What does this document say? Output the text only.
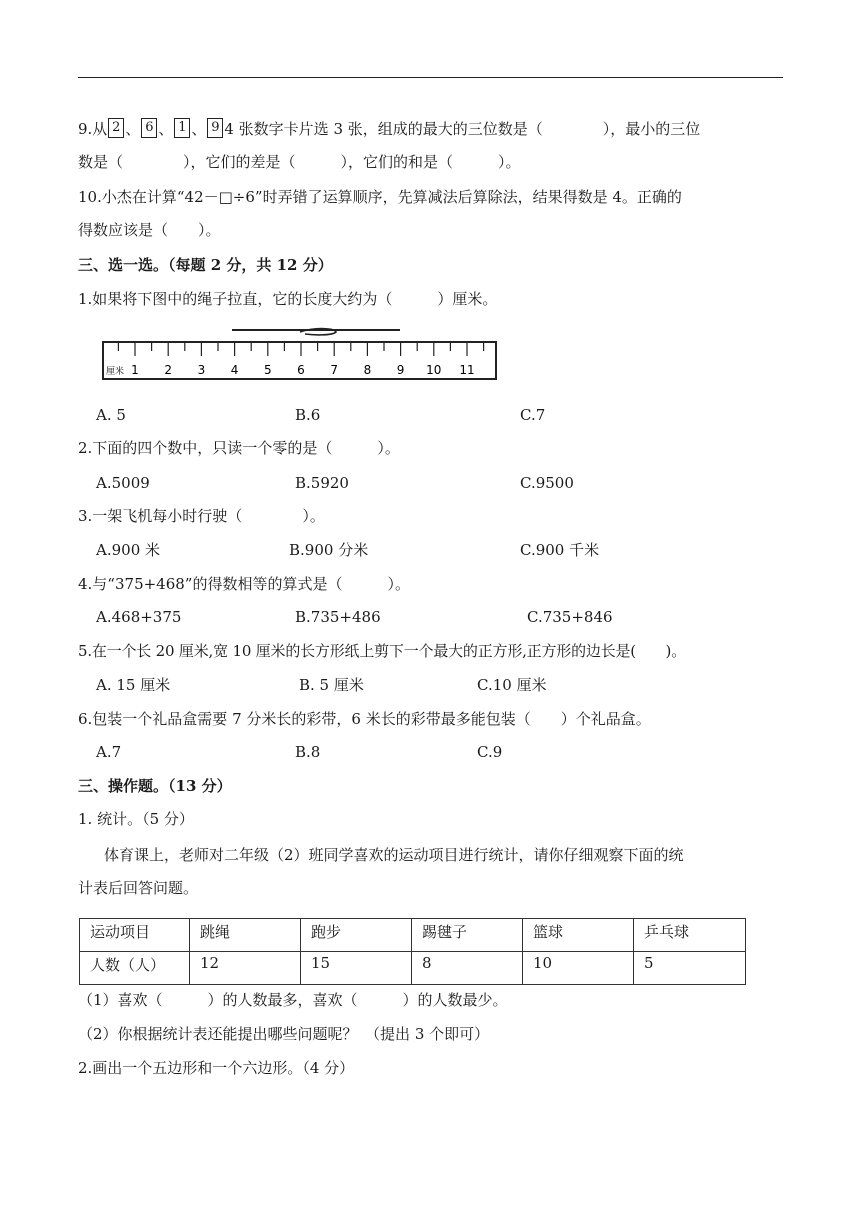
9.从 2 、 6 、 1 、 9 4 张数字卡片选 3 张，组成的最大的三位数是（　　　　），最小的三位
数是（　　　　），它们的差是（　　　），它们的和是（　　　）。
10.小杰在计算“42－□÷6”时弄错了运算顺序，先算减法后算除法，结果得数是 4。正确的
得数应该是（　　）。
三、选一选。（每题 2 分，共 12 分）
1.如果将下图中的绳子拉直，它的长度大约为（　　　）厘米。
厘米 1 2 3 4 5 6 7 8 9 10 11
A. 5	B.6	C.7
2.下面的四个数中，只读一个零的是（　　　）。
A.5009	B.5920	C.9500
3.一架飞机每小时行驶（　　　　）。
A.900 米	B.900 分米	C.900 千米
4.与“375+468”的得数相等的算式是（　　　）。
A.468+375	B.735+486	C.735+846
5.在一个长 20 厘米,宽 10 厘米的长方形纸上剪下一个最大的正方形,正方形的边长是(　　)。
A. 15 厘米	B. 5 厘米	C.10 厘米
6.包装一个礼品盒需要 7 分米长的彩带，6 米长的彩带最多能包装（　　）个礼品盒。
A.7	B.8	C.9
三、操作题。（13 分）
1. 统计。（5 分）
体育课上，老师对二年级（2）班同学喜欢的运动项目进行统计，请你仔细观察下面的统
计表后回答问题。
运动项目	跳绳	跑步	踢毽子	篮球	乒乓球
人数（人）	12	15	8	10	5
（1）喜欢（　　　）的人数最多，喜欢（　　　）的人数最少。
（2）你根据统计表还能提出哪些问题呢？　（提出 3 个即可）
2.画出一个五边形和一个六边形。（4 分）
